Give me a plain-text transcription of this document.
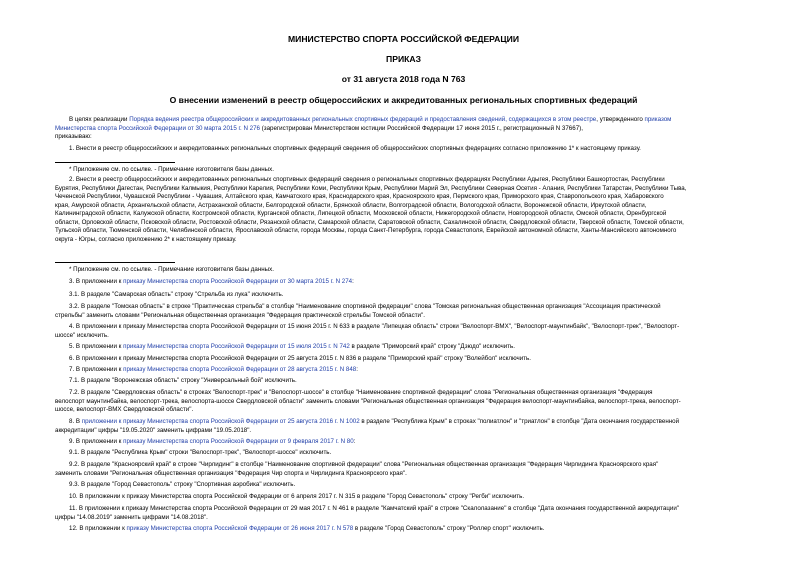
МИНИСТЕРСТВО СПОРТА РОССИЙСКОЙ ФЕДЕРАЦИИ
ПРИКАЗ
от 31 августа 2018 года N 763
О внесении изменений в реестр общероссийских и аккредитованных региональных спортивных федераций
В целях реализации Порядка ведения реестра общероссийских и аккредитованных региональных спортивных федераций и предоставления сведений, содержащихся в этом реестре, утвержденного приказом
Министерства спорта Российской Федерации от 30 марта 2015 г. N 276 (зарегистрирован Министерством юстиции Российской Федерации 17 июня 2015 г., регистрационный N 37667),
приказываю:
1. Внести в реестр общероссийских и аккредитованных региональных спортивных федераций сведения об общероссийских спортивных федерациях согласно приложению 1* к настоящему приказу.
* Приложение см. по ссылке. - Примечание изготовителя базы данных.
2. Внести в реестр общероссийских и аккредитованных региональных спортивных федераций сведения о региональных спортивных федерациях Республики Адыгея, Республики Башкортостан, Республики
Бурятия, Республики Дагестан, Республики Калмыкия, Республики Карелия, Республики Коми, Республики Крым, Республики Марий Эл, Республики Северная Осетия - Алания, Республики Татарстан, Республики Тыва,
Чеченской Республики, Чувашской Республики - Чувашия, Алтайского края, Камчатского края, Краснодарского края, Красноярского края, Пермского края, Приморского края, Ставропольского края, Хабаровского
края, Амурской области, Архангельской области, Астраханской области, Белгородской области, Брянской области, Волгоградской области, Вологодской области, Воронежской области, Иркутской области,
Калининградской области, Калужской области, Костромской области, Курганской области, Липецкой области, Московской области, Нижегородской области, Новгородской области, Омской области, Оренбургской
области, Орловской области, Псковской области, Ростовской области, Рязанской области, Самарской области, Саратовской области, Сахалинской области, Свердловской области, Тверской области, Томской области,
Тульской области, Тюменской области, Челябинской области, Ярославской области, города Москвы, города Санкт-Петербурга, города Севастополя, Еврейской автономной области, Ханты-Мансийского автономного
округа - Югры, согласно приложению 2* к настоящему приказу.
* Приложение см. по ссылке. - Примечание изготовителя базы данных.
3. В приложении к приказу Министерства спорта Российской Федерации от 30 марта 2015 г. N 274:
3.1. В разделе "Самарская область" строку "Стрельба из лука" исключить.
3.2. В разделе "Томская область" в строке "Практическая стрельба" в столбце "Наименование спортивной федерации" слова "Томская региональная общественная организация "Ассоциация практической
стрельбы" заменить словами "Региональная общественная организация "Федерация практической стрельбы Томской области".
4. В приложении к приказу Министерства спорта Российской Федерации от 15 июня 2015 г. N 633 в разделе "Липецкая область" строки "Велоспорт-ВМХ", "Велоспорт-маунтинбайк", "Велоспорт-трек", "Велоспорт-
шоссе" исключить.
5. В приложении к приказу Министерства спорта Российской Федерации от 15 июля 2015 г. N 742 в разделе "Приморский край" строку "Дзюдо" исключить.
6. В приложении к приказу Министерства спорта Российской Федерации от 25 августа 2015 г. N 836 в разделе "Приморский край" строку "Волейбол" исключить.
7. В приложении к приказу Министерства спорта Российской Федерации от 28 августа 2015 г. N 848:
7.1. В разделе "Воронежская область" строку "Универсальный бой" исключить.
7.2. В разделе "Свердловская область" в строках "Велоспорт-трек" и "Велоспорт-шоссе" в столбце "Наименование спортивной федерации" слова "Региональная общественная организация "Федерация
велоспорт маунтинбайка, велоспорт-трека, велоспорта-шоссе Свердловской области" заменить словами "Региональная общественная организация "Федерация велоспорт-маунтинбайка, велоспорт-трека, велоспорт-
шоссе, велоспорт-ВМХ Свердловской области".
8. В приложении к приказу Министерства спорта Российской Федерации от 25 августа 2016 г. N 1002 в разделе "Республика Крым" в строках "полиатлон" и "триатлон" в столбце "Дата окончания государственной
аккредитации" цифры "19.05.2020" заменить цифрами "19.05.2018".
9. В приложении к приказу Министерства спорта Российской Федерации от 9 февраля 2017 г. N 80:
9.1. В разделе "Республика Крым" строки "Велоспорт-трек", "Велоспорт-шоссе" исключить.
9.2. В разделе "Красноярский край" в строке "Чирлидинг" в столбце "Наименование спортивной федерации" слова "Региональная общественная организация "Федерация Чирлидинга Красноярского края"
заменить словами "Региональная общественная организация "Федерация Чир спорта и Чирлидинга Красноярского края".
9.3. В разделе "Город Севастополь" строку "Спортивная аэробика" исключить.
10. В приложении к приказу Министерства спорта Российской Федерации от 6 апреля 2017 г. N 315 в разделе "Город Севастополь" строку "Регби" исключить.
11. В приложении к приказу Министерства спорта Российской Федерации от 29 мая 2017 г. N 461 в разделе "Камчатский край" в строке "Скалолазание" в столбце "Дата окончания государственной аккредитации"
цифры "14.08.2019" заменить цифрами "14.08.2018".
12. В приложении к приказу Министерства спорта Российской Федерации от 26 июня 2017 г. N 578 в разделе "Город Севастополь" строку "Роллер спорт" исключить.
